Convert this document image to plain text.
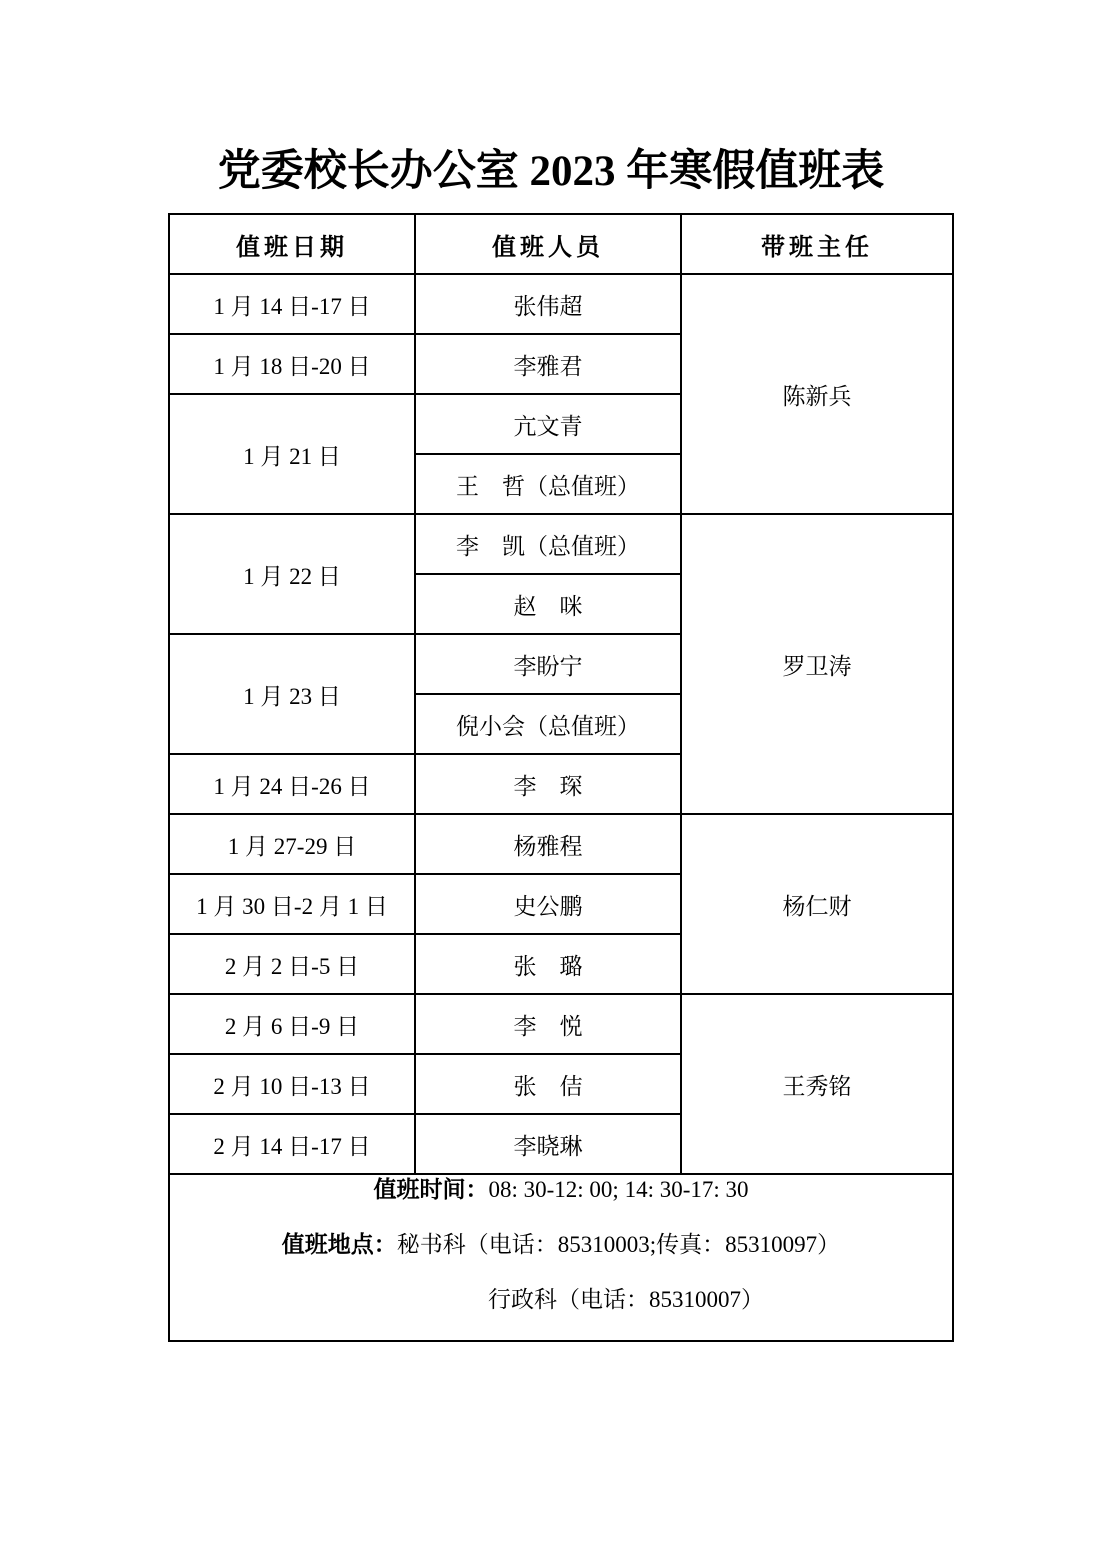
党委校长办公室 2023 年寒假值班表
值班日期	值班人员	带班主任
1 月 14 日-17 日	张伟超	陈新兵
1 月 18 日-20 日	李雅君	
1 月 21 日	亢文青	
	王　哲（总值班）	
1 月 22 日	李　凯（总值班）	罗卫涛
	赵　咪	
1 月 23 日	李盼宁	
	倪小会（总值班）	
1 月 24 日-26 日	李　琛	
1 月 27-29 日	杨雅程	杨仁财
1 月 30 日-2 月 1 日	史公鹏	
2 月 2 日-5 日	张　璐	
2 月 6 日-9 日	李　悦	王秀铭
2 月 10 日-13 日	张　佶	
2 月 14 日-17 日	李晓琳	

值班时间：08: 30-12: 00; 14: 30-17: 30
值班地点：秘书科（电话：85310003;传真：85310097）
行政科（电话：85310007）		
